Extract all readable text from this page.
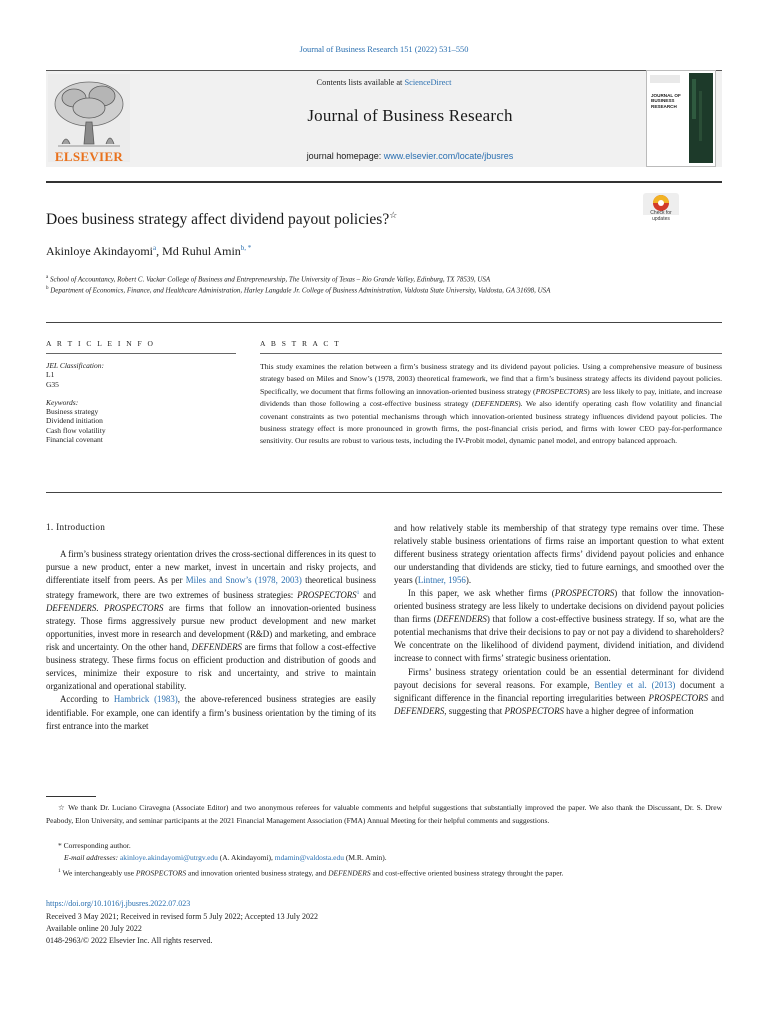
Journal of Business Research 151 (2022) 531–550
ELSEVIER
Contents lists available at ScienceDirect
Journal of Business Research
journal homepage: www.elsevier.com/locate/jbusres
JOURNAL OF
BUSINESS
RESEARCH
Does business strategy affect dividend payout policies?☆	Check for
updates
Akinloye Akindayomi$^a$, Md Ruhul Amin$^{b, *}$
$^a$ School of Accountancy, Robert C. Vackar College of Business and Entrepreneurship, The University of Texas – Rio Grande Valley, Edinburg, TX 78539, USA
$^b$ Department of Economics, Finance, and Healthcare Administration, Harley Langdale Jr. College of Business Administration, Valdosta State University, Valdosta, GA 31698, USA
A R T I C L E I N F O
JEL Classification:
L1
G35
Keywords:
Business strategy
Dividend initiation
Cash flow volatility
Financial covenant
A B S T R A C T
This study examines the relation between a firm’s business strategy and its dividend payout policies. Using a comprehensive measure of business strategy based on Miles and Snow’s (1978, 2003) theoretical framework, we find that a firm’s business strategy affects its dividend payout policies. Specifically, we document that firms following an innovation-oriented business strategy (PROSPECTORS) are less likely to pay, initiate, and increase dividends than those following a cost-effective business strategy (DEFENDERS). We also identify operating cash flow volatility and financial covenant constraints as two potential mechanisms through which innovation-oriented business strategy influences dividend payout policies. The business strategy effect is more pronounced in growth firms, the post-financial crisis period, and firms with lower CEO pay-for-performance sensitivity. Our results are robust to various tests, including the IV-Probit model, dynamic panel model, and entropy balanced approach.
1. Introduction

A firm’s business strategy orientation drives the cross-sectional differences in its quest to pursue a new product, enter a new market, invest in uncertain and risky projects, and differentiate itself from peers. As per Miles and Snow’s (1978, 2003) theoretical business strategy framework, there are two extremes of business strategies: PROSPECTORS$^1$ and DEFENDERS. PROSPECTORS are firms that follow an innovation-oriented business strategy. Those firms aggressively pursue new product development and new market opportunities, invest more in research and development (R&D) and marketing, and embrace risk and uncertainty. On the other hand, DEFENDERS are firms that follow a cost-effective business strategy. These firms focus on efficient production and distribution of goods and services, minimize their exposure to risk and uncertainty, and strive to maintain organizational and operational stability.

According to Hambrick (1983), the above-referenced business strategies are easily identifiable. For example, one can identify a firm’s business orientation by the timing of its first entrance into the market

and how relatively stable its membership of that strategy type remains over time. These relatively stable business orientations of firms raise an important question to what extent different business strategy orientation affects firms’ dividend payout policies and enhance our understanding that dividends are sticky, tied to future earnings, and smoothed over the years (Lintner, 1956).

In this paper, we ask whether firms (PROSPECTORS) that follow the innovation-oriented business strategy are less likely to undertake decisions on dividend payout policies than firms (DEFENDERS) that follow a cost-effective business strategy. If so, what are the potential mechanisms that drive their decisions to pay or not pay a dividend to shareholders? We concentrate on the likelihood of dividend payment, dividend initiation, and dividend increase to connect with firms’ strategic business orientation.

Firms’ business strategy orientation could be an essential determinant for dividend payout decisions for several reasons. For example, Bentley et al. (2013) document a significant difference in the financial reporting irregularities between PROSPECTORS and DEFENDERS, suggesting that PROSPECTORS have a higher degree of information

☆ We thank Dr. Luciano Ciravegna (Associate Editor) and two anonymous referees for valuable comments and helpful suggestions that substantially improved the paper. We also thank the Discussant, Dr. S. Drew Peabody, Elon University, and seminar participants at the 2021 Financial Management Association (FMA) Annual Meeting for their helpful comments and suggestions.
* Corresponding author.
E-mail addresses: akinloye.akindayomi@utrgv.edu (A. Akindayomi), mdamin@valdosta.edu (M.R. Amin).
$^1$ We interchangeably use PROSPECTORS and innovation oriented business strategy, and DEFENDERS and cost-effective oriented business strategy throught the paper.
https://doi.org/10.1016/j.jbusres.2022.07.023
Received 3 May 2021; Received in revised form 5 July 2022; Accepted 13 July 2022
Available online 20 July 2022
0148-2963/© 2022 Elsevier Inc. All rights reserved.
